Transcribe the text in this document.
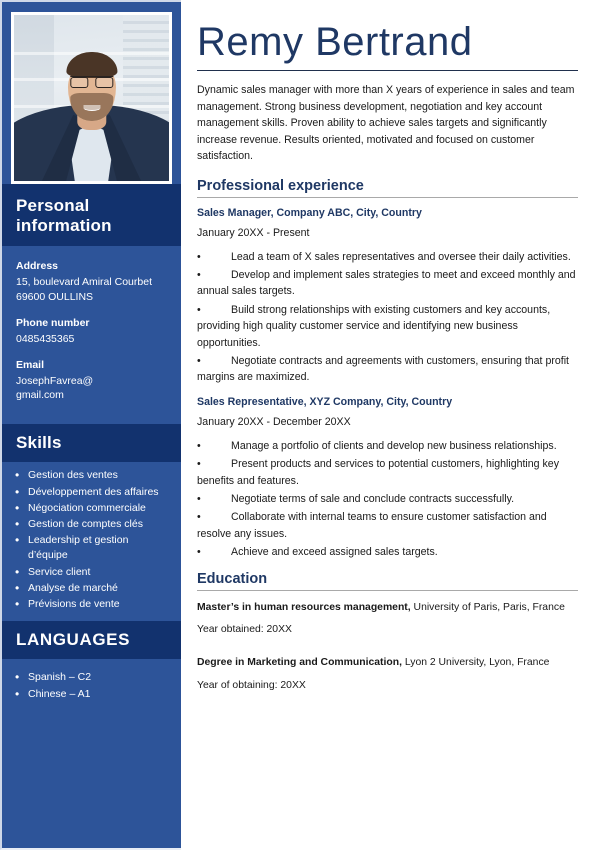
Personal information
Address
15, boulevard Amiral Courbet
69600 OULLINS
Phone number
0485435365
Email
JosephFavrea@
gmail.com
Skills
• Gestion des ventes
• Développement des affaires
• Négociation commerciale
• Gestion de comptes clés
• Leadership et gestion d’équipe
• Service client
• Analyse de marché
• Prévisions de vente
LANGUAGES
• Spanish – C2
• Chinese – A1
Remy Bertrand

Dynamic sales manager with more than X years of experience in sales and team management. Strong business development, negotiation and key account management skills. Proven ability to achieve sales targets and significantly increase revenue. Results oriented, motivated and focused on customer satisfaction.

Professional experience
Sales Manager, Company ABC, City, Country
January 20XX - Present
•	Lead a team of X sales representatives and oversee their daily activities.
•	Develop and implement sales strategies to meet and exceed monthly and annual sales targets.
•	Build strong relationships with existing customers and key accounts, providing high quality customer service and identifying new business opportunities.
•	Negotiate contracts and agreements with customers, ensuring that profit margins are maximized.
Sales Representative, XYZ Company, City, Country
January 20XX - December 20XX
•	Manage a portfolio of clients and develop new business relationships.
•	Present products and services to potential customers, highlighting key benefits and features.
•	Negotiate terms of sale and conclude contracts successfully.
•	Collaborate with internal teams to ensure customer satisfaction and resolve any issues.
•	Achieve and exceed assigned sales targets.
Education
Master’s in human resources management, University of Paris, Paris, France
Year obtained: 20XX
Degree in Marketing and Communication, Lyon 2 University, Lyon, France
Year of obtaining: 20XX
